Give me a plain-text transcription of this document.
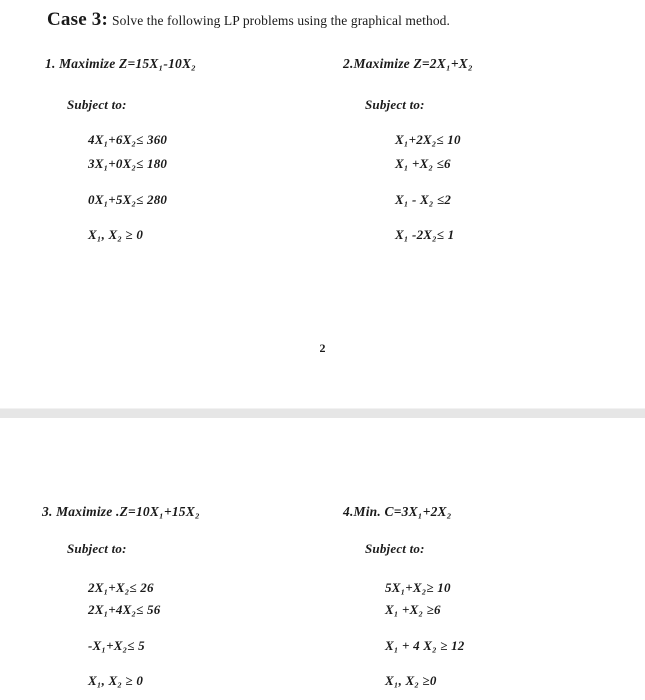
Case 3: Solve the following LP problems using the graphical method.
1. Maximize Z=15X₁-10X₂
Subject to:
4X₁+6X₂≤ 360
3X₁+0X₂≤ 180
0X₁+5X₂≤ 280
X₁, X₂ ≥ 0
2.Maximize Z=2X₁+X₂
Subject to:
X₁+2X₂≤ 10
X₁ +X₂ ≤6
X₁ - X₂ ≤2
X₁ -2X₂≤ 1
2
3. Maximize .Z=10X₁+15X₂
Subject to:
2X₁+X₂≤ 26
2X₁+4X₂≤ 56
-X₁+X₂≤ 5
X₁, X₂ ≥ 0
4.Min. C=3X₁+2X₂
Subject to:
5X₁+X₂≥ 10
X₁ +X₂ ≥6
X₁ + 4 X₂ ≥ 12
X₁, X₂ ≥0
